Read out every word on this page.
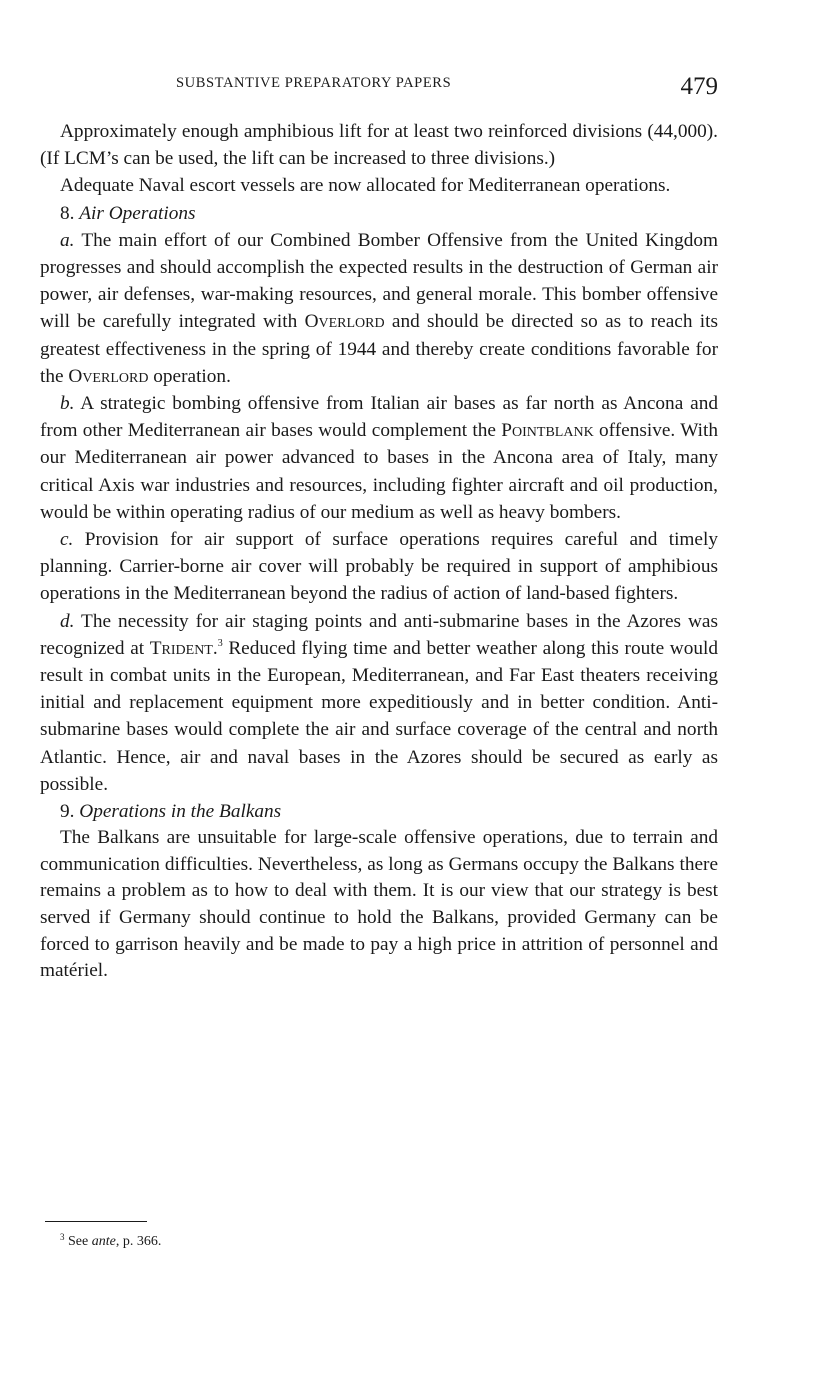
SUBSTANTIVE PREPARATORY PAPERS	479

Approximately enough amphibious lift for at least two reinforced divisions (44,000). (If LCM’s can be used, the lift can be increased to three divisions.)

Adequate Naval escort vessels are now allocated for Mediterranean operations.

8. Air Operations

a. The main effort of our Combined Bomber Offensive from the United Kingdom progresses and should accomplish the expected results in the destruction of German air power, air defenses, war-making resources, and general morale. This bomber offensive will be carefully integrated with Overlord and should be directed so as to reach its greatest effectiveness in the spring of 1944 and thereby create conditions favorable for the Overlord operation.

b. A strategic bombing offensive from Italian air bases as far north as Ancona and from other Mediterranean air bases would complement the Pointblank offensive. With our Mediterranean air power advanced to bases in the Ancona area of Italy, many critical Axis war industries and resources, including fighter aircraft and oil production, would be within operating radius of our medium as well as heavy bombers.

c. Provision for air support of surface operations requires careful and timely planning. Carrier-borne air cover will probably be required in support of amphibious operations in the Mediterranean beyond the radius of action of land-based fighters.

d. The necessity for air staging points and anti-submarine bases in the Azores was recognized at Trident.$^3$ Reduced flying time and better weather along this route would result in combat units in the European, Mediterranean, and Far East theaters receiving initial and replacement equipment more expeditiously and in better condition. Anti-submarine bases would complete the air and surface coverage of the central and north Atlantic. Hence, air and naval bases in the Azores should be secured as early as possible.

9. Operations in the Balkans

The Balkans are unsuitable for large-scale offensive operations, due to terrain and communication difficulties. Nevertheless, as long as Germans occupy the Balkans there remains a problem as to how to deal with them. It is our view that our strategy is best served if Germany should continue to hold the Balkans, provided Germany can be forced to garrison heavily and be made to pay a high price in attrition of personnel and matériel.

$^3$ See ante, p. 366.
